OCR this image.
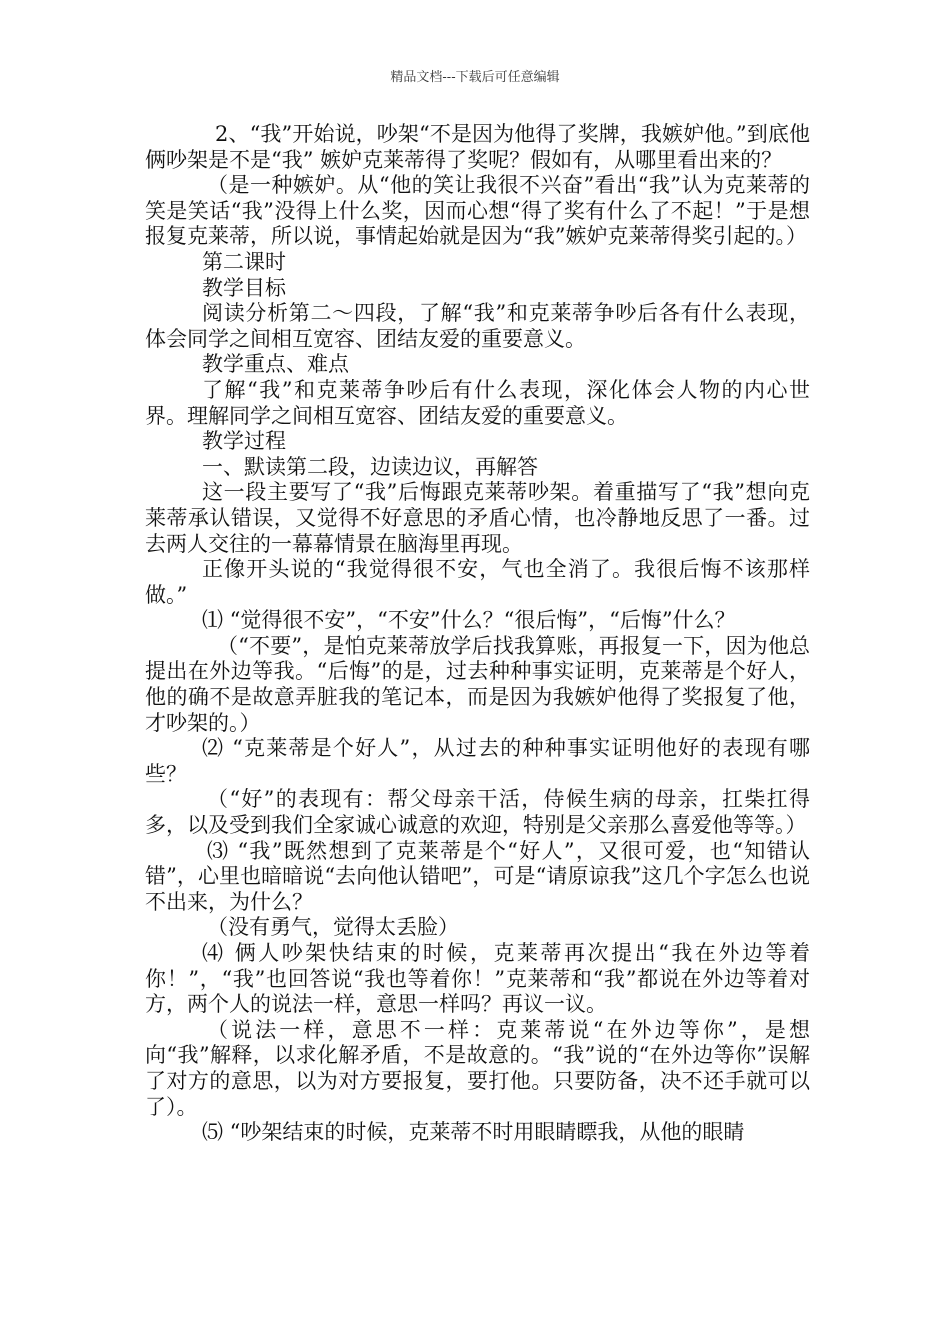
精品文档---下载后可任意编辑

2、“我”开始说，吵架“不是因为他得了奖牌，我嫉妒他。”到底他俩吵架是不是“我” 嫉妒克莱蒂得了奖呢？假如有，从哪里看出来的？

（是一种嫉妒。从“他的笑让我很不兴奋”看出“我”认为克莱蒂的笑是笑话“我”没得上什么奖，因而心想“得了奖有什么了不起！”于是想报复克莱蒂，所以说，事情起始就是因为“我”嫉妒克莱蒂得奖引起的。）

第二课时

教学目标

阅读分析第二～四段，了解“我”和克莱蒂争吵后各有什么表现，体会同学之间相互宽容、团结友爱的重要意义。

教学重点、难点

了解“我”和克莱蒂争吵后有什么表现，深化体会人物的内心世界。理解同学之间相互宽容、团结友爱的重要意义。

教学过程

一、默读第二段，边读边议，再解答

这一段主要写了“我”后悔跟克莱蒂吵架。着重描写了“我”想向克莱蒂承认错误，又觉得不好意思的矛盾心情，也冷静地反思了一番。过去两人交往的一幕幕情景在脑海里再现。

正像开头说的“我觉得很不安，气也全消了。我很后悔不该那样做。”

⑴ “觉得很不安”，“不安”什么？“很后悔”，“后悔”什么？

（“不要”，是怕克莱蒂放学后找我算账，再报复一下，因为他总提出在外边等我。“后悔”的是，过去种种事实证明，克莱蒂是个好人，他的确不是故意弄脏我的笔记本，而是因为我嫉妒他得了奖报复了他，才吵架的。）

⑵ “克莱蒂是个好人”，从过去的种种事实证明他好的表现有哪些？

（“好”的表现有：帮父母亲干活，侍候生病的母亲，扛柴扛得多，以及受到我们全家诚心诚意的欢迎，特别是父亲那么喜爱他等等。）

⑶ “我”既然想到了克莱蒂是个“好人”，又很可爱，也“知错认错”，心里也暗暗说“去向他认错吧”，可是“请原谅我”这几个字怎么也说不出来，为什么？

（没有勇气，觉得太丢脸）

⑷ 俩人吵架快结束的时候，克莱蒂再次提出“我在外边等着你！”，“我”也回答说“我也等着你！”克莱蒂和“我”都说在外边等着对方，两个人的说法一样，意思一样吗？再议一议。

（说法一样，意思不一样：克莱蒂说“在外边等你”，是想向“我”解释，以求化解矛盾，不是故意的。“我”说的“在外边等你”误解了对方的意思，以为对方要报复，要打他。只要防备，决不还手就可以了）。

⑸ “吵架结束的时候，克莱蒂不时用眼睛瞟我，从他的眼睛
